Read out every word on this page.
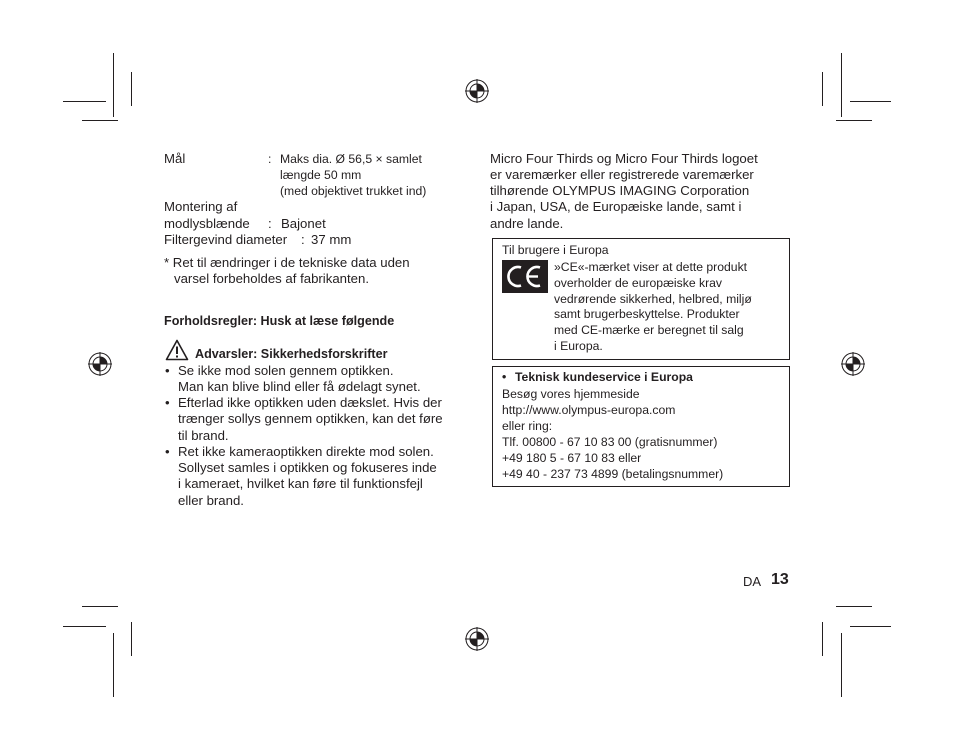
Mål	: Maks dia. Ø 56,5 × samlet
længde 50 mm
(med objektivet trukket ind)
Montering af
modlysblænde : Bajonet
Filtergevind diameter : 37 mm
* Ret til ændringer i de tekniske data uden
varsel forbeholdes af fabrikanten.
Forholdsregler: Husk at læse følgende
Advarsler: Sikkerhedsforskrifter
• Se ikke mod solen gennem optikken.
Man kan blive blind eller få ødelagt synet.
• Efterlad ikke optikken uden dækslet. Hvis der
trænger sollys gennem optikken, kan det føre
til brand.
• Ret ikke kameraoptikken direkte mod solen.
Sollyset samles i optikken og fokuseres inde
i kameraet, hvilket kan føre til funktionsfejl
eller brand.
Micro Four Thirds og Micro Four Thirds logoet
er varemærker eller registrerede varemærker
tilhørende OLYMPUS IMAGING Corporation
i Japan, USA, de Europæiske lande, samt i
andre lande.
Til brugere i Europa
»CE«-mærket viser at dette produkt
overholder de europæiske krav
vedrørende sikkerhed, helbred, miljø
samt brugerbeskyttelse. Produkter
med CE-mærke er beregnet til salg
i Europa.
• Teknisk kundeservice i Europa
Besøg vores hjemmeside
http://www.olympus-europa.com
eller ring:
Tlf. 00800 - 67 10 83 00 (gratisnummer)
+49 180 5 - 67 10 83 eller
+49 40 - 237 73 4899 (betalingsnummer)
DA 13
